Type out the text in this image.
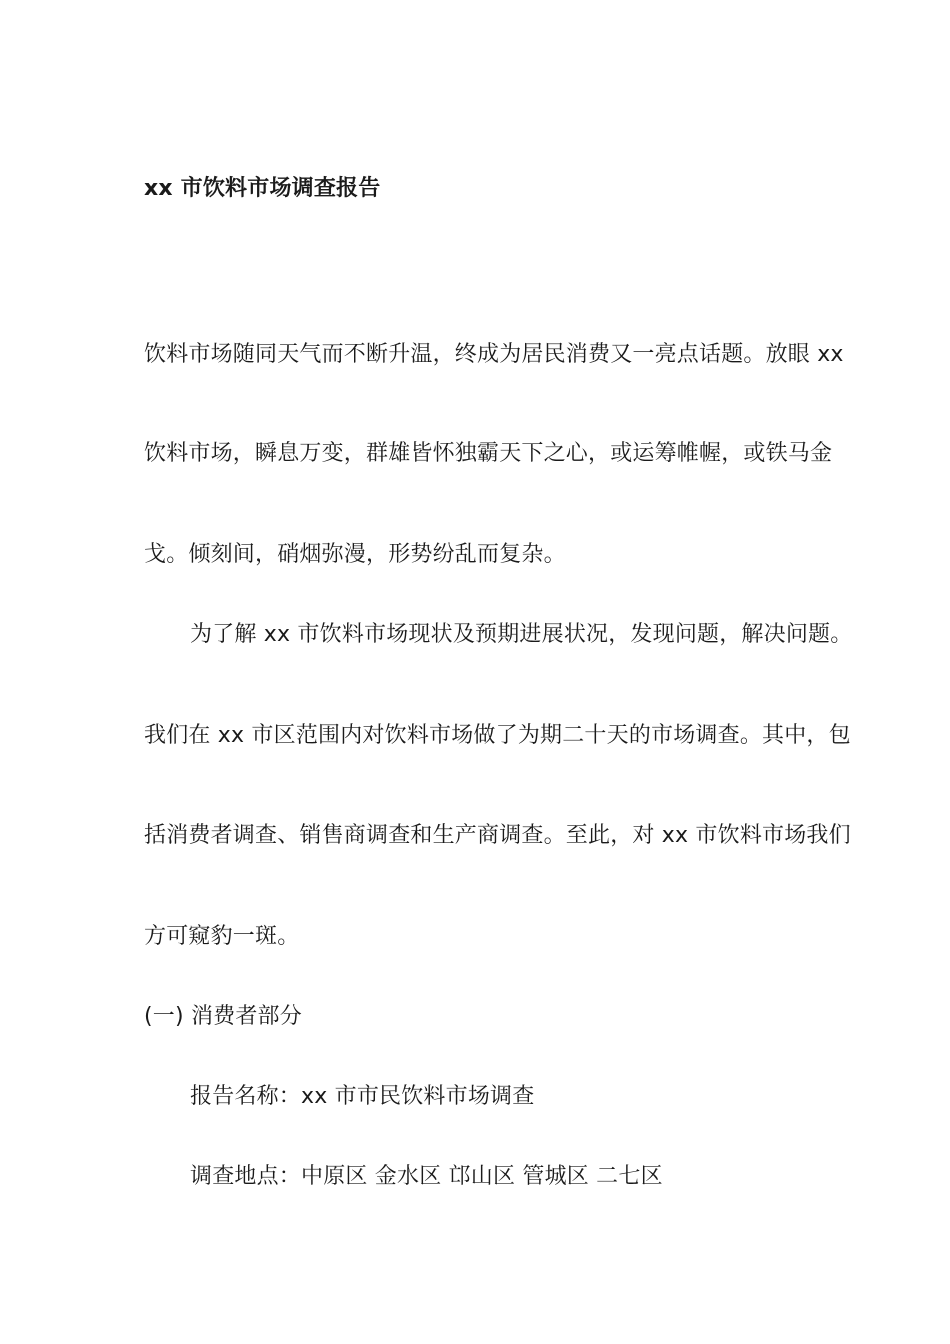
xx 市饮料市场调查报告
饮料市场随同天气而不断升温，终成为居民消费又一亮点话题。放眼 xx
饮料市场，瞬息万变，群雄皆怀独霸天下之心，或运筹帷幄，或铁马金
戈。倾刻间，硝烟弥漫，形势纷乱而复杂。
为了解 xx 市饮料市场现状及预期进展状况，发现问题，解决问题。
我们在 xx 市区范围内对饮料市场做了为期二十天的市场调查。其中，包
括消费者调查、销售商调查和生产商调查。至此，对 xx 市饮料市场我们
方可窥豹一斑。
(一) 消费者部分
报告名称：xx 市市民饮料市场调查
调查地点：中原区 金水区 邙山区 管城区 二七区
